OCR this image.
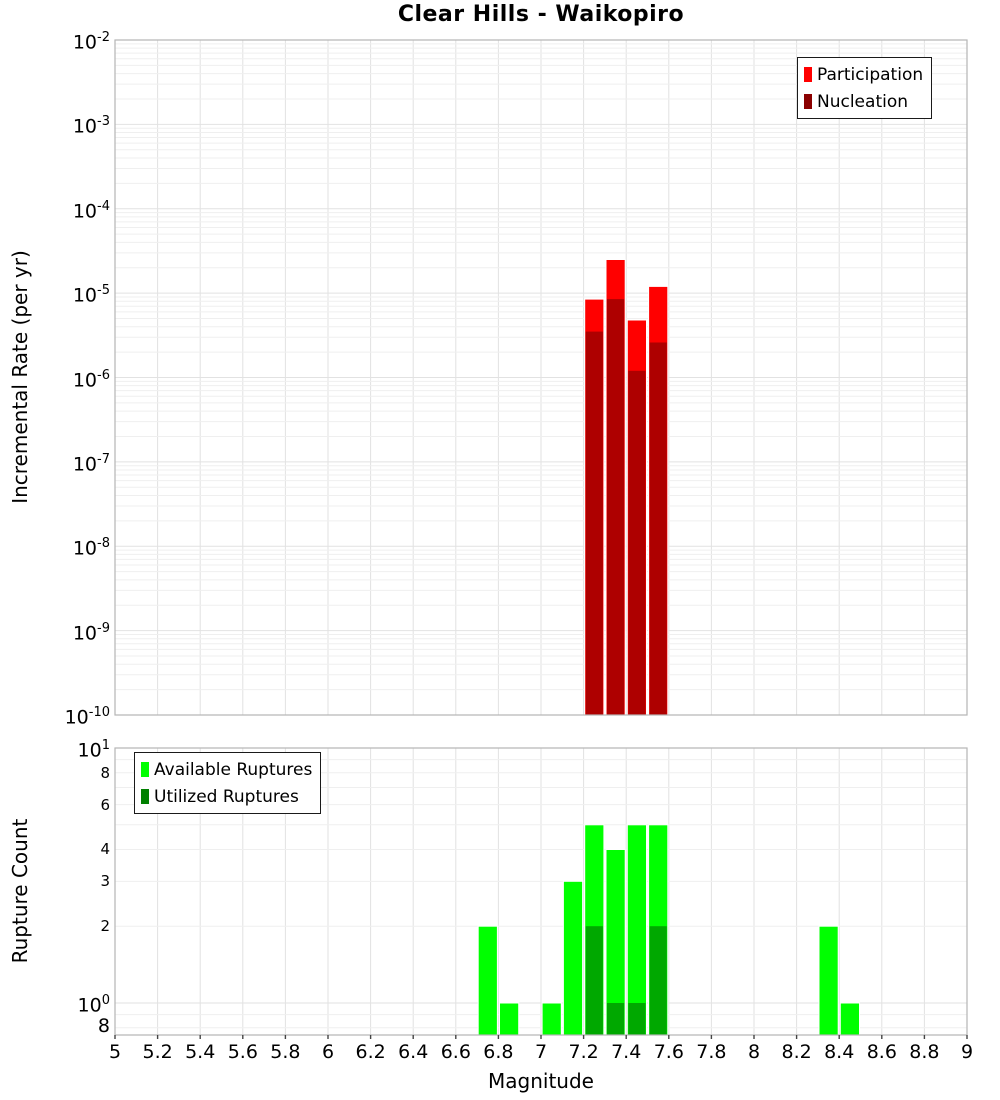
Clear Hills - Waikopiro
Incremental Rate (per yr)
Rupture Count
Magnitude
Participation
Nucleation
Available Ruptures
Utilized Ruptures
$10^{-2}$
$10^{-3}$
$10^{-4}$
$10^{-5}$
$10^{-6}$
$10^{-7}$
$10^{-8}$
$10^{-9}$
$10^{-10}$
$10^1$
8
6
4
3
2
$10^0$
8
5	5.2 5.4 5.6 5.8	6	6.2 6.4 6.6 6.8	7	7.2 7.4 7.6 7.8	8	8.2 8.4 8.6 8.8	9
